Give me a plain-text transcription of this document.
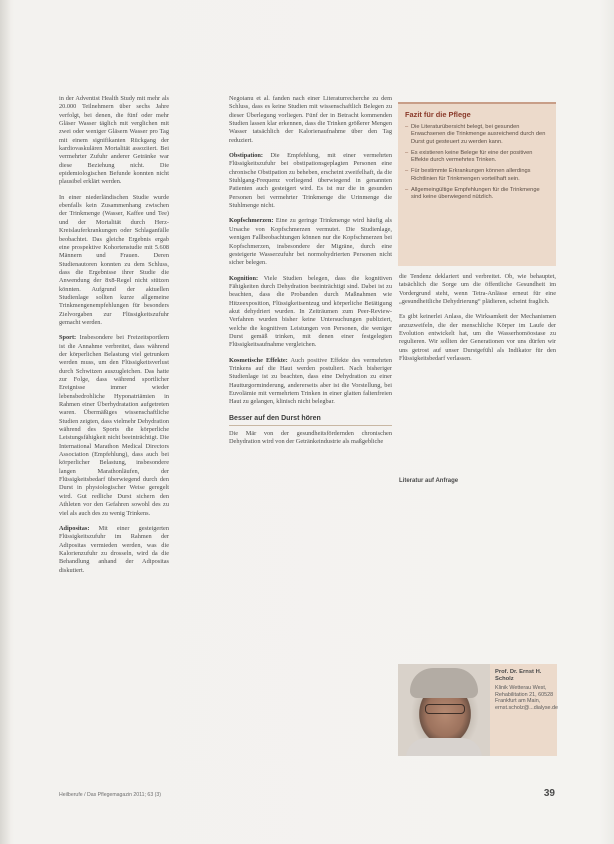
in der Adventist Health Study mit mehr als 20.000 Teilnehmern über sechs Jahre verfolgt, bei denen, die fünf oder mehr Gläser Wasser täglich mit verglichen mit zwei oder weniger Gläsern Wasser pro Tag mit einem signifikanten Rückgang der kardiovaskulären Mortalität assoziiert. Bei vermehrter Zufuhr anderer Getränke war diese Beziehung nicht. Die epidemiologischen Befunde konnten nicht plausibel erklärt werden.

In einer niederländischen Studie wurde ebenfalls kein Zusammenhang zwischen der Trinkmenge (Wasser, Kaffee und Tee) und der Mortalität durch Herz-Kreislauferkrankungen oder Schlaganfälle beobachtet. Das gleiche Ergebnis ergab eine prospektive Kohortenstudie mit 5.608 Männern und Frauen. Deren Studienautoren konnten zu dem Schluss, dass die Ergebnisse ihrer Studie die Anwendung der 8x8-Regel nicht stützen könnten. Aufgrund der aktuellen Studienlage sollten kurze allgemeine Trinkmengenempfehlungen für besonders Zielvorgaben zur Flüssigkeitszufuhr gemacht werden.

Sport: Insbesondere bei Freizeitsportlern ist die Annahme verbreitet, dass während der körperlichen Belastung viel getrunken werden muss, um den Flüssigkeitsverlust durch Schwitzen auszugleichen. Das hatte zur Folge, dass während sportlicher Ereignisse immer wieder lebensbedrohliche Hyponatriämien in Rahmen einer Überhydratation aufgetreten waren. Übermäßiges wissenschaftliche Studien zeigten, dass vielmehr Dehydration während des Sports die körperliche Leistungsfähigkeit nicht beeinträchtigt. Die International Marathon Medical Directors Association (Empfehlung), dass auch bei körperlicher Belastung, insbesondere langen Marathonläufen, der Flüssigkeitsbedarf überwiegend durch den Durst in physiologischer Weise geregelt wird. Gut redliche Durst sichern den Athleten vor den Gefahren sowohl des zu viel als auch des zu wenig Trinkens.

Adipositas: Mit einer gesteigerten Flüssigkeitszufuhr im Rahmen der Adipositas vermieden werden, was die Kalorienzufuhr zu drosseln, wird da die Behandlung anhand der Adipositas diskutiert.

Negoianu et al. fanden nach einer Literaturrecherche zu dem Schluss, dass es keine Studien mit wissenschaftlich Belegen zu dieser Überlegung vorliegen. Fünf der in Betracht kommenden Studien lassen klar erkennen, dass die Trinken größerer Mengen Wasser tatsächlich der Kalorienaufnahme über den Tag reduziert.

Obstipation: Die Empfehlung, mit einer vermehrten Flüssigkeitszufuhr bei obstipationsgeplagten Personen eine chronische Obstipation zu beheben, erscheint zweifelhaft, da die Stuhlgang-Frequenz vorliegend überwiegend in genannten Patienten auch gesteigert wird. Es ist nur die in gesunden Personen bei vermehrter Trinkmenge die Urinmenge die Stuhlmenge nicht.

Kopfschmerzen: Eine zu geringe Trinkmenge wird häufig als Ursache von Kopfschmerzen vermutet. Die Studienlage, wenigen Fallbeobachtungen können nur die Kopfschmerzen bei Kopfschmerzen, insbesondere der Migräne, durch eine gesteigerte Wasserzufuhr bei normohydrierten Personen nicht sicher belegen.

Kognition: Viele Studien belegen, dass die kognitiven Fähigkeiten durch Dehydration beeinträchtigt sind. Dabei ist zu beachten, dass die Probanden durch Maßnahmen wie Hitzeexposition, Flüssigkeitsentzug und körperliche Betätigung akut dehydriert wurden. In Zeiträumen zum Peer-Review-Verfahren wurden bisher keine Untersuchungen publiziert, welche die kognitiven Leistungen von Personen, die weniger Durst gemäß trinken, mit denen einer festgelegten Flüssigkeitsaufnahme vergleichen.

Kosmetische Effekte: Auch positive Effekte des vermehrten Trinkens auf die Haut werden postuliert. Nach bisheriger Studienlage ist zu beachten, dass eine Dehydration zu einer Hautturgorminderung, andererseits aber ist die Vorstellung, bei Euvolämie mit vermehrtem Trinken in einer glatten faltenfreien Haut zu gelangen, klinisch nicht belegbar.

Besser auf den Durst hören

Die Mär von der gesundheitsfördernden chronischen Dehydration wird von der Getränkeindustrie als maßgebliche

Fazit für die Pflege
– Die Literaturübersicht belegt, bei gesunden Erwachsenen die Trinkmenge ausreichend durch den Durst gut gesteuert zu werden kann.
– Es existieren keine Belege für eine der positiven Effekte durch vermehrtes Trinken.
– Für bestimmte Erkrankungen können allerdings Richtlinien für Trinkmengen vorteilhaft sein.
– Allgemeingültige Empfehlungen für die Trinkmenge sind keine überwiegend nützlich.

die Tendenz deklariert und verbreitet. Ob, wie behauptet, tatsächlich die Sorge um die öffentliche Gesundheit im Vordergrund steht, wenn Tetra-Anlässe erneut für eine „gesundheitliche Dehydrierung“ plädieren, scheint fraglich.

Es gibt keinerlei Anlass, die Wirksamkeit der Mechanismen anzuzweifeln, die der menschliche Körper im Laufe der Evolution entwickelt hat, um die Wasserhomöostase zu regulieren. Wir sollten der Generationen vor uns dürfen wir uns getrost auf unser Durstgefühl als Indikator für den Flüssigkeitsbedarf verlassen.

Literatur auf Anfrage
Prof. Dr. Ernst H. Scholz
Klinik Wetterau West, Rehabilitation 21, 60528 Frankfurt am Main, ernst.scholz@...dialyse.de
Heilberufe / Das Pflegemagazin 2011; 63 (3)	39
